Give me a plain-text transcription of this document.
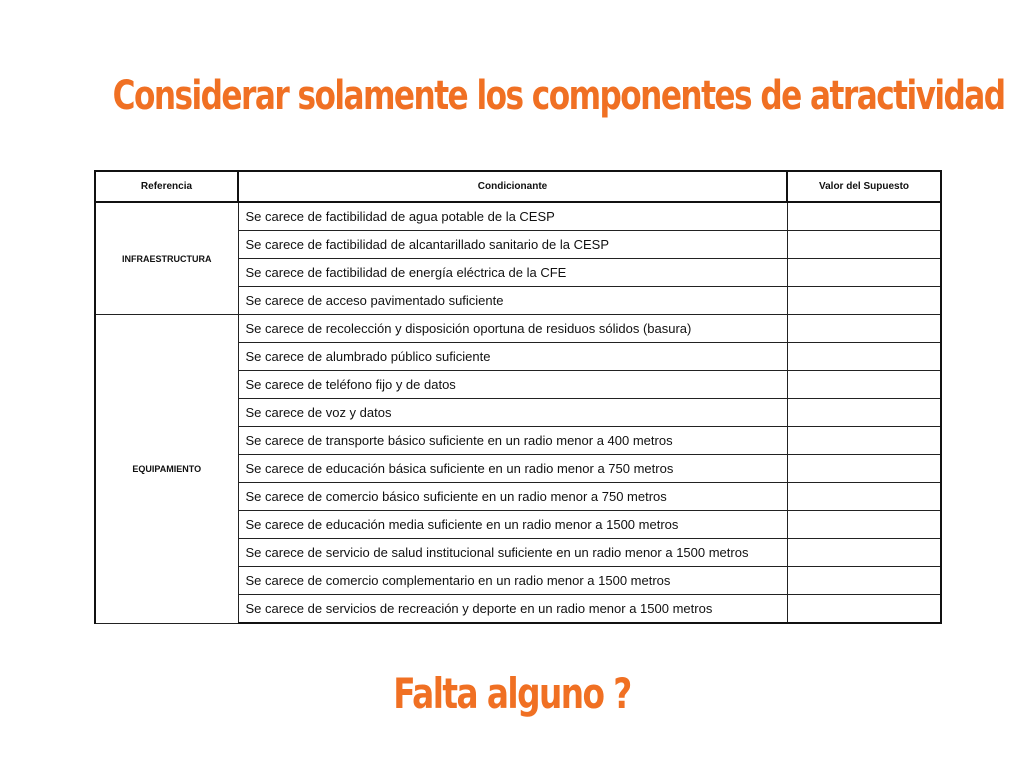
Considerar solamente los componentes de atractividad
Referencia	Condicionante	Valor del Supuesto
INFRAESTRUCTURA	Se carece de factibilidad de agua potable de la CESP	
	Se carece de factibilidad de alcantarillado sanitario de la CESP	
	Se carece de factibilidad de energía eléctrica de la CFE	
	Se carece de acceso pavimentado suficiente	
EQUIPAMIENTO	Se carece de recolección y disposición oportuna de residuos sólidos (basura)	
	Se carece de alumbrado público suficiente	
	Se carece de teléfono fijo y de datos	
	Se carece de voz y datos	
	Se carece de transporte básico suficiente en un radio menor a 400 metros	
	Se carece de educación básica suficiente en un radio menor a 750 metros	
	Se carece de comercio básico suficiente en un radio menor a 750 metros	
	Se carece de educación media suficiente en un radio menor a 1500 metros	
	Se carece de servicio de salud institucional suficiente en un radio menor a 1500 metros	
	Se carece de comercio complementario en un radio menor a 1500 metros	
	Se carece de servicios de recreación y deporte en un radio menor a 1500 metros	
Falta alguno ?
